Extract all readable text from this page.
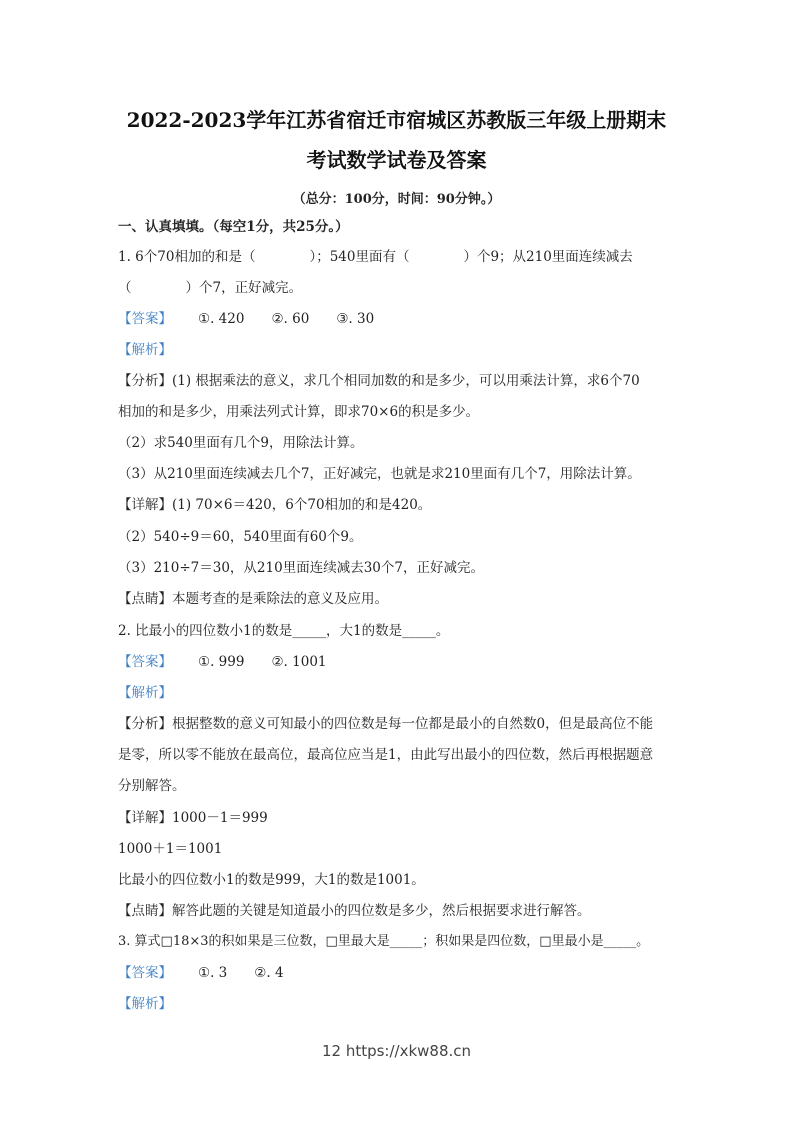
2022-2023学年江苏省宿迁市宿城区苏教版三年级上册期末
考试数学试卷及答案
（总分：100分，时间：90分钟。）
一、认真填填。（每空1分，共25分。）
1. 6个70相加的和是（　　　　）；540里面有（　　　　）个9；从210里面连续减去
（　　　　）个7，正好减完。
【答案】 ①. 420　　②. 60　　③. 30
【解析】
【分析】(1) 根据乘法的意义，求几个相同加数的和是多少，可以用乘法计算，求6个70
相加的和是多少，用乘法列式计算，即求70×6的积是多少。
（2）求540里面有几个9，用除法计算。
（3）从210里面连续减去几个7，正好减完，也就是求210里面有几个7，用除法计算。
【详解】(1) 70×6＝420，6个70相加的和是420。
（2）540÷9＝60，540里面有60个9。
（3）210÷7＝30，从210里面连续减去30个7，正好减完。
【点睛】本题考查的是乘除法的意义及应用。
2. 比最小的四位数小1的数是_____，大1的数是_____。
【答案】 ①. 999　　②. 1001
【解析】
【分析】根据整数的意义可知最小的四位数是每一位都是最小的自然数0，但是最高位不能
是零，所以零不能放在最高位，最高位应当是1，由此写出最小的四位数，然后再根据题意
分别解答。
【详解】1000－1＝999
1000＋1＝1001
比最小的四位数小1的数是999，大1的数是1001。
【点睛】解答此题的关键是知道最小的四位数是多少，然后根据要求进行解答。
3. 算式□18×3的积如果是三位数，□里最大是_____；积如果是四位数，□里最小是_____。
【答案】 ①. 3　　②. 4
【解析】
12 https://xkw88.cn
